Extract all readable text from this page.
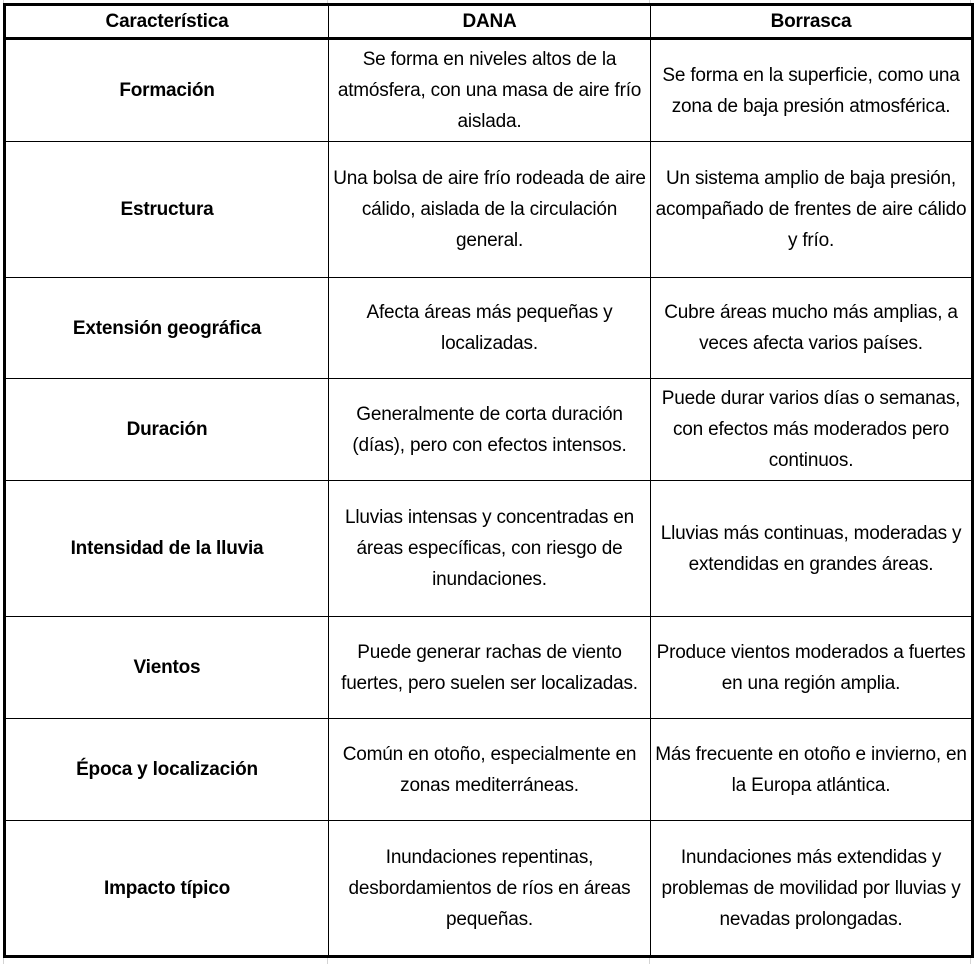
Característica	DANA	Borrasca
Formación	Se forma en niveles altos de la atmósfera, con una masa de aire frío aislada.	Se forma en la superficie, como una zona de baja presión atmosférica.
Estructura	Una bolsa de aire frío rodeada de aire cálido, aislada de la circulación general.	Un sistema amplio de baja presión, acompañado de frentes de aire cálido y frío.
Extensión geográfica	Afecta áreas más pequeñas y localizadas.	Cubre áreas mucho más amplias, a veces afecta varios países.
Duración	Generalmente de corta duración (días), pero con efectos intensos.	Puede durar varios días o semanas, con efectos más moderados pero continuos.
Intensidad de la lluvia	Lluvias intensas y concentradas en áreas específicas, con riesgo de inundaciones.	Lluvias más continuas, moderadas y extendidas en grandes áreas.
Vientos	Puede generar rachas de viento fuertes, pero suelen ser localizadas.	Produce vientos moderados a fuertes en una región amplia.
Época y localización	Común en otoño, especialmente en zonas mediterráneas.	Más frecuente en otoño e invierno, en la Europa atlántica.
Impacto típico	Inundaciones repentinas, desbordamientos de ríos en áreas pequeñas.	Inundaciones más extendidas y problemas de movilidad por lluvias y nevadas prolongadas.
